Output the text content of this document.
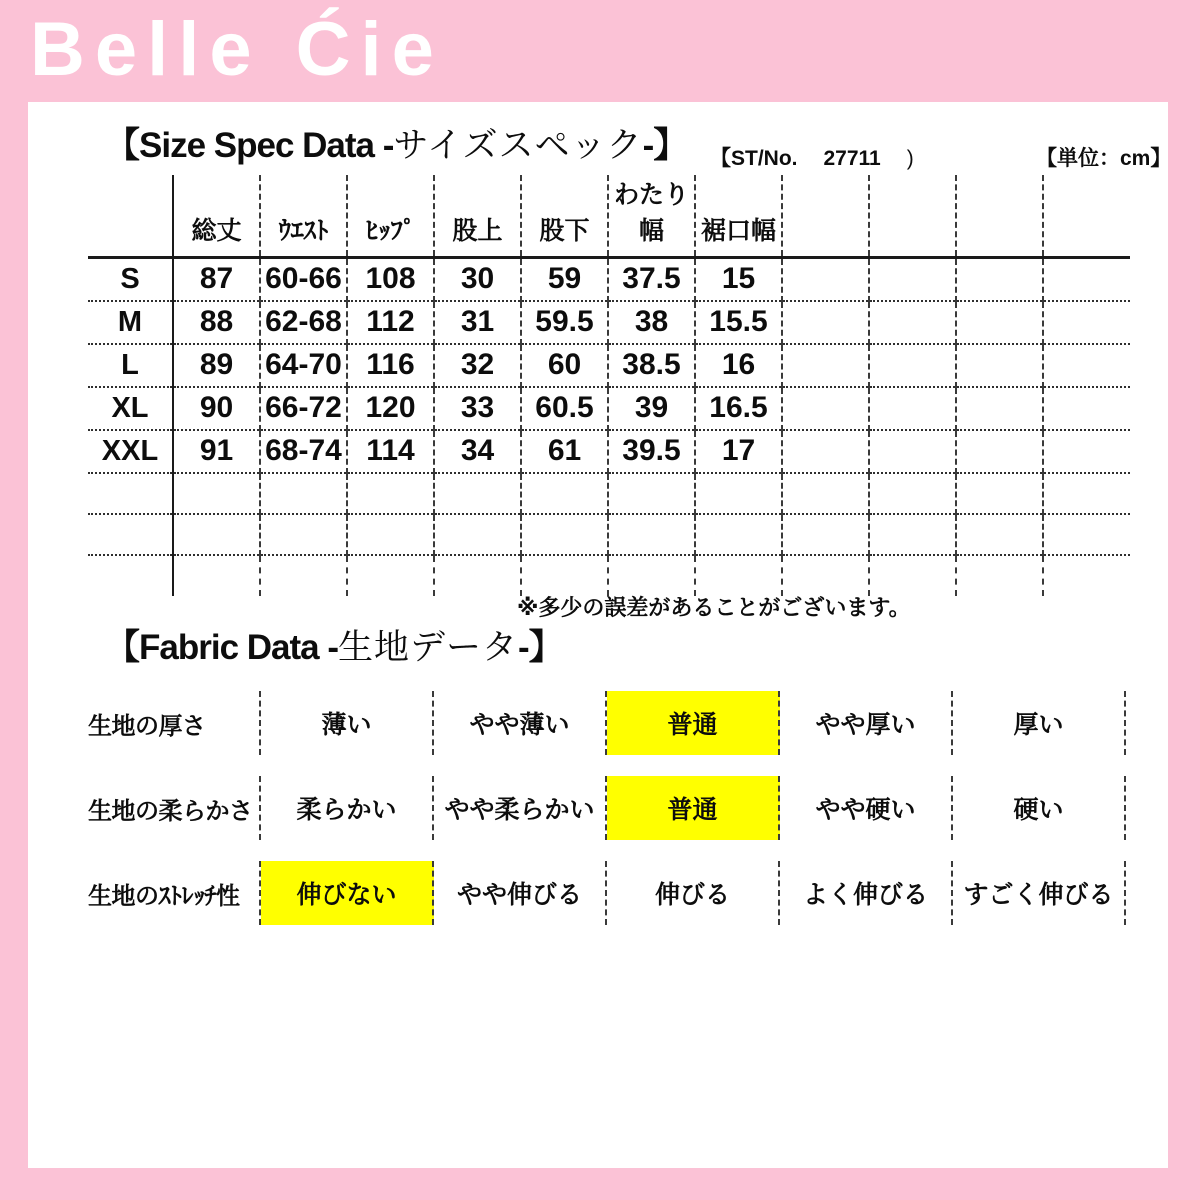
Belle Ćie
【Size Spec Data -サイズスペック-】 【ST/No. 27711 )	【単位：cm】
	総丈	ｳｴｽﾄ	ﾋｯﾌﾟ	股上	股下	わたり幅	裾口幅				
S	87	60-66	108	30	59	37.5	15				
M	88	62-68	112	31	59.5	38	15.5				
L	89	64-70	116	32	60	38.5	16				
XL	90	66-72	120	33	60.5	39	16.5				
XXL	91	68-74	114	34	61	39.5	17				

※多少の誤差があることがございます。
【Fabric Data -生地データ-】
生地の厚さ	薄い	やや薄い	普通	やや厚い	厚い
生地の柔らかさ	柔らかい	やや柔らかい	普通	やや硬い	硬い
生地のｽﾄﾚｯﾁ性	伸びない	やや伸びる	伸びる	よく伸びる	すごく伸びる
